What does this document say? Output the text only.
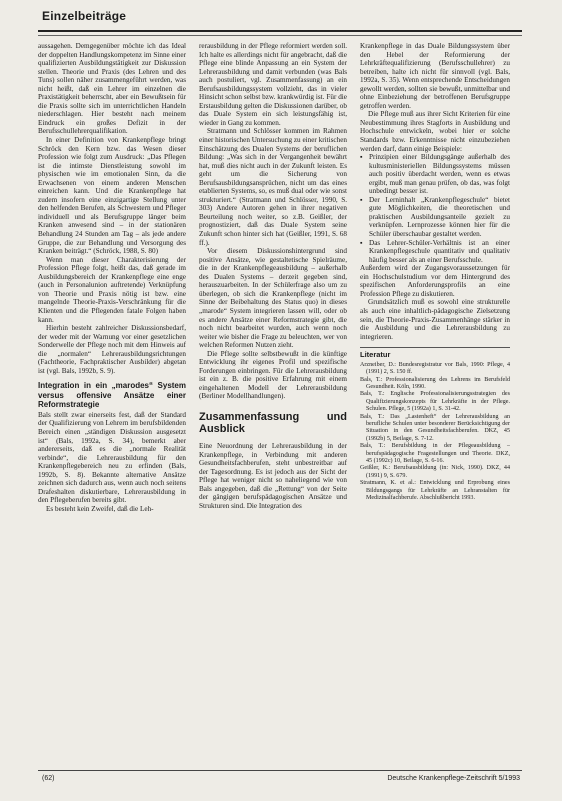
Einzelbeiträge

aussagehen. Demgegenüber möchte ich das Ideal der doppelten Handlungskompetenz im Sinne einer qualifizierten Ausbildungstätigkeit zur Diskussion stellen. Theorie und Praxis (des Lehren und des Tuns) sollen näher zusammengeführt werden, was nicht heißt, daß ein Lehrer im einzelnen die Praxistätigkeit beherrscht, aber ein Bewußtsein für die Praxis sollte sich im unterrichtlichen Handeln niederschlagen. Hier besteht nach meinem Eindruck ein großes Defizit in der Berufsschullehrerqualifikation.

In einer Definition von Krankenpflege bringt Schröck den Kern bzw. das Wesen dieser Profession wie folgt zum Ausdruck: „Das Pflegen ist die intimste Dienstleistung sowohl im physischen wie im emotionalen Sinn, da die Erwachsenen von einem anderen Menschen einreichen kann. Und die Krankenpflege hat zudem insofern eine einzigartige Stellung unter den helfenden Berufen, als Schwestern und Pfleger individuell und als Berufsgruppe länger beim Kranken anwesend sind – in der stationären Behandlung 24 Stunden am Tag – als jede andere Gruppe, die zur Behandlung und Versorgung des Kranken beiträgt.“ (Schröck, 1988, S. 80)

Wenn man dieser Charakterisierung der Profession Pflege folgt, heißt das, daß gerade im Ausbildungsbereich der Krankenpflege eine enge (auch in Personalunion auftretende) Verknüpfung von Theorie und Praxis nötig ist bzw. eine mangelnde Theorie-Praxis-Verschränkung für die Klienten und die Pflegenden fatale Folgen haben kann.

Hierhin besteht zahlreicher Diskussionsbedarf, der weder mit der Warnung vor einer gesetzlichen Sonderwelle der Pflege noch mit dem Hinweis auf die „normalen“ Lehrerausbildungsrichtungen (Fachtheorie, Fachpraktischer Ausbilder) abgetan ist (vgl. Bals, 1992b, S. 9).

Integration in ein „marodes“ System versus offensive Ansätze einer Reformstrategie

Bals stellt zwar einerseits fest, daß der Standard der Qualifizierung von Lehrern im berufsbildenden Bereich einen „ständigen Diskussion ausgesetzt ist“ (Bals, 1992a, S. 34), bemerkt aber andererseits, daß es die „normale Realität verbinde“, die Lehrerausbildung für den Krankenpflegebereich neu zu erfinden (Bals, 1992b, S. 8). Bekannte alternative Ansätze zeichnen sich dadurch aus, wenn auch noch seitens Drafeshalten diskutierbare, Lehrerausbildung in den Pflegeberufen bereits gibt.

Es besteht kein Zweifel, daß die Leh-

rerausbildung in der Pflege reformiert werden soll. Ich halte es allerdings nicht für angebracht, daß die Pflege eine blinde Anpassung an ein System der Lehrerausbildung und damit verbunden (was Bals auch postuliert, vgl. Zusammenfassung) an ein Berufsausbildungssystem vollzieht, das in vieler Hinsicht schon selbst bzw. krankwürdig ist. Für die Erstausbildung gelten die Diskussionen darüber, ob das Duale System ein sich leistungsfähig ist, wieder in Gang zu kommen.

Stratmann und Schlösser kommen im Rahmen einer historischen Untersuchung zu einer kritischen Einschätzung des Dualen Systems der beruflichen Bildung: „Was sich in der Vergangenheit bewährt hat, muß dies nicht auch in der Zukunft leisten. Es geht um die Sicherung von Berufsausbildungsansprüchen, nicht um das eines etablierten Systems, so, es muß dual oder wie sonst strukturiert.“ (Stratmann und Schlösser, 1990, S. 303) Andere Autoren gehen in ihrer negativen Beurteilung noch weiter, so z.B. Geißler, der prognostiziert, daß das Duale System seine Zukunft schon hinter sich hat (Geißler, 1991, S. 68 ff.).

Vor diesem Diskussionshintergrund sind positive Ansätze, wie gestaltetische Spielräume, die in der Krankenpflegeausbildung – außerhalb des Dualen Systems – derzeit gegeben sind, herauszuarbeiten. In der Schülerfrage also um zu überlegen, ob sich die Krankenpflege (nicht im Sinne der Beibehaltung des Status quo) in dieses „marode“ System integrieren lassen will, oder ob es andere Ansätze einer Reformstrategie gibt, die noch nicht bearbeitet wurden, auch wenn noch weiter wie bisher die Frage zu beleuchten, wer von welchen Reformen Nutzen zieht.

Die Pflege sollte selbstbewußt in die künftige Entwicklung ihr eigenes Profil und spezifische Forderungen einbringen. Für die Lehrerausbildung ist ein z. B. die positive Erfahrung mit einem eingehaltenen Modell der Lehrerausbildung (Berliner Modellhandlungen).

Zusammenfassung und Ausblick

Eine Neuordnung der Lehrerausbildung in der Krankenpflege, in Verbindung mit anderen Gesundheitsfachberufen, steht unbestreitbar auf der Tagesordnung. Es ist jedoch aus der Sicht der Pflege hat weniger nicht so naheliegend wie von Bals angegeben, daß die „Rettung“ von der Seite der gängigen berufspädagogischen Ansätze und Strukturen sind. Die Integration des

Krankenpflege in das Duale Bildungssystem über den Hebel der Reformierung der Lehrkräftequalifizierung (Berufsschullehrer) zu betreiben, halte ich nicht für sinnvoll (vgl. Bals, 1992a, S. 35). Wenn entsprechende Entscheidungen gewollt werden, sollten sie bewußt, unmittelbar und ohne Einbeziehung der betroffenen Berufsgruppe getroffen werden.

Die Pflege muß aus ihrer Sicht Kriterien für eine Neubestimmung ihres Stagforts in Ausbildung und Hochschule entwickeln, wobei hier er solche Standards bzw. Erkenntnisse nicht einzubeziehen werden darf, dann einige Beispiele:

▪ Prinzipien einer Bildungsgänge außerhalb des kultusministeriellen Bildungssystems müssen auch positiv überdacht werden, wenn es etwas ergibt, muß man genau prüfen, ob das, was folgt unbedingt besser ist.
▪ Der Lerninhalt „Krankenpflegeschule“ bietet gute Möglichkeiten, die theoretischen und praktischen Ausbildungsanteile gezielt zu verknüpfen. Lernprozesse können hier für die Schüler überschaubar gestaltet werden.
▪ Das Lehrer-Schüler-Verhältnis ist an einer Krankenpflegeschule quantitativ und qualitativ häufig besser als an einer Berufsschule.

Außerdem wird der Zugangsvoraussetzungen für ein Hochschulstudium vor dem Hintergrund des spezifischen Anforderungsprofils an eine Profession Pflege zu diskutieren.

Grundsätzlich muß es sowohl eine strukturelle als auch eine inhaltlich-pädagogische Zielsetzung sein, die Theorie-Praxis-Zusammenhänge stärker in die Ausbildung und die Lehrerausbildung zu integrieren.

Literatur
Arzneiber, D.: Bundesregistratur vor Bals, 1990: Pflege, 4 (1991) 2, S. 150 ff.
Bals, T.: Professionalisierung des Lehrens im Berufsfeld Gesundheit. Köln, 1990.
Bals, T.: Englische Professionalisierungsstrategien des Qualifizierungskonzepts für Lehrkräfte in der Pflege. Schulen. Pflege, 5 (1992a) 1, S. 31-42.
Bals, T.: Das „Lastenheft“ der Lehrerausbildung an berufliche Schulen unter besonderer Berücksichtigung der Situation in den Gesundheitsfachberufen. DKZ, 45 (1992b) 5, Beilage, S. 7-12.
Bals, T.: Berufsbildung in der Pflegeausbildung – berufspädagogische Fragestellungen und Theorie. DKZ, 45 (1992c) 10, Beilage, S. 6-16.
Geißler, K.: Berufsausbildung (in: Nick, 1990). DKZ, 44 (1991) 9, S. 679.
Stratmann, K. et al.: Entwicklung und Erprobung eines Bildungsgangs für Lehrkräfte an Lehranstalten für Medizinalfachberufe. Abschlußbericht 1993.
(62)	Deutsche Krankenpflege-Zeitschrift 5/1993
